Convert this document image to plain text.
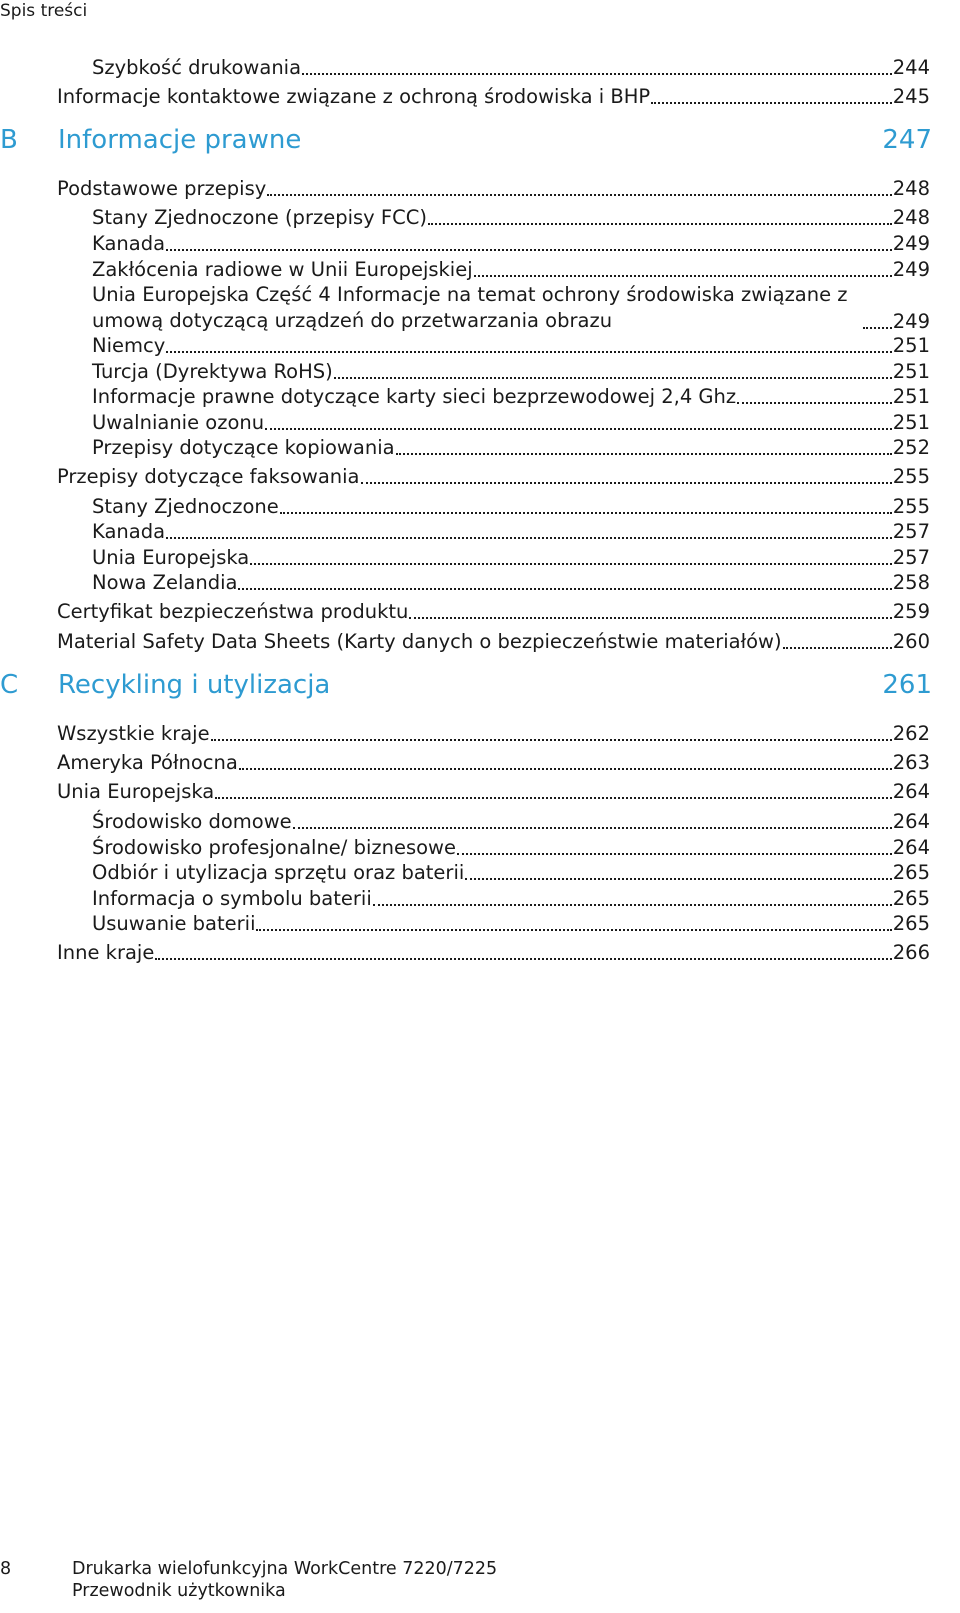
Spis treści
Szybkość drukowania	244
Informacje kontaktowe związane z ochroną środowiska i BHP	245
B Informacje prawne	247
Podstawowe przepisy	248
Stany Zjednoczone (przepisy FCC)	248
Kanada	249
Zakłócenia radiowe w Unii Europejskiej	249
Unia Europejska Część 4 Informacje na temat ochrony środowiska związane z umową dotyczącą urządzeń do przetwarzania obrazu	249
Niemcy	251
Turcja (Dyrektywa RoHS)	251
Informacje prawne dotyczące karty sieci bezprzewodowej 2,4 Ghz	251
Uwalnianie ozonu	251
Przepisy dotyczące kopiowania	252
Przepisy dotyczące faksowania	255
Stany Zjednoczone	255
Kanada	257
Unia Europejska	257
Nowa Zelandia	258
Certyfikat bezpieczeństwa produktu	259
Material Safety Data Sheets (Karty danych o bezpieczeństwie materiałów)	260
C Recykling i utylizacja	261
Wszystkie kraje	262
Ameryka Północna	263
Unia Europejska	264
Środowisko domowe	264
Środowisko profesjonalne/ biznesowe	264
Odbiór i utylizacja sprzętu oraz baterii	265
Informacja o symbolu baterii	265
Usuwanie baterii	265
Inne kraje	266
8	Drukarka wielofunkcyjna WorkCentre 7220/7225
Przewodnik użytkownika
